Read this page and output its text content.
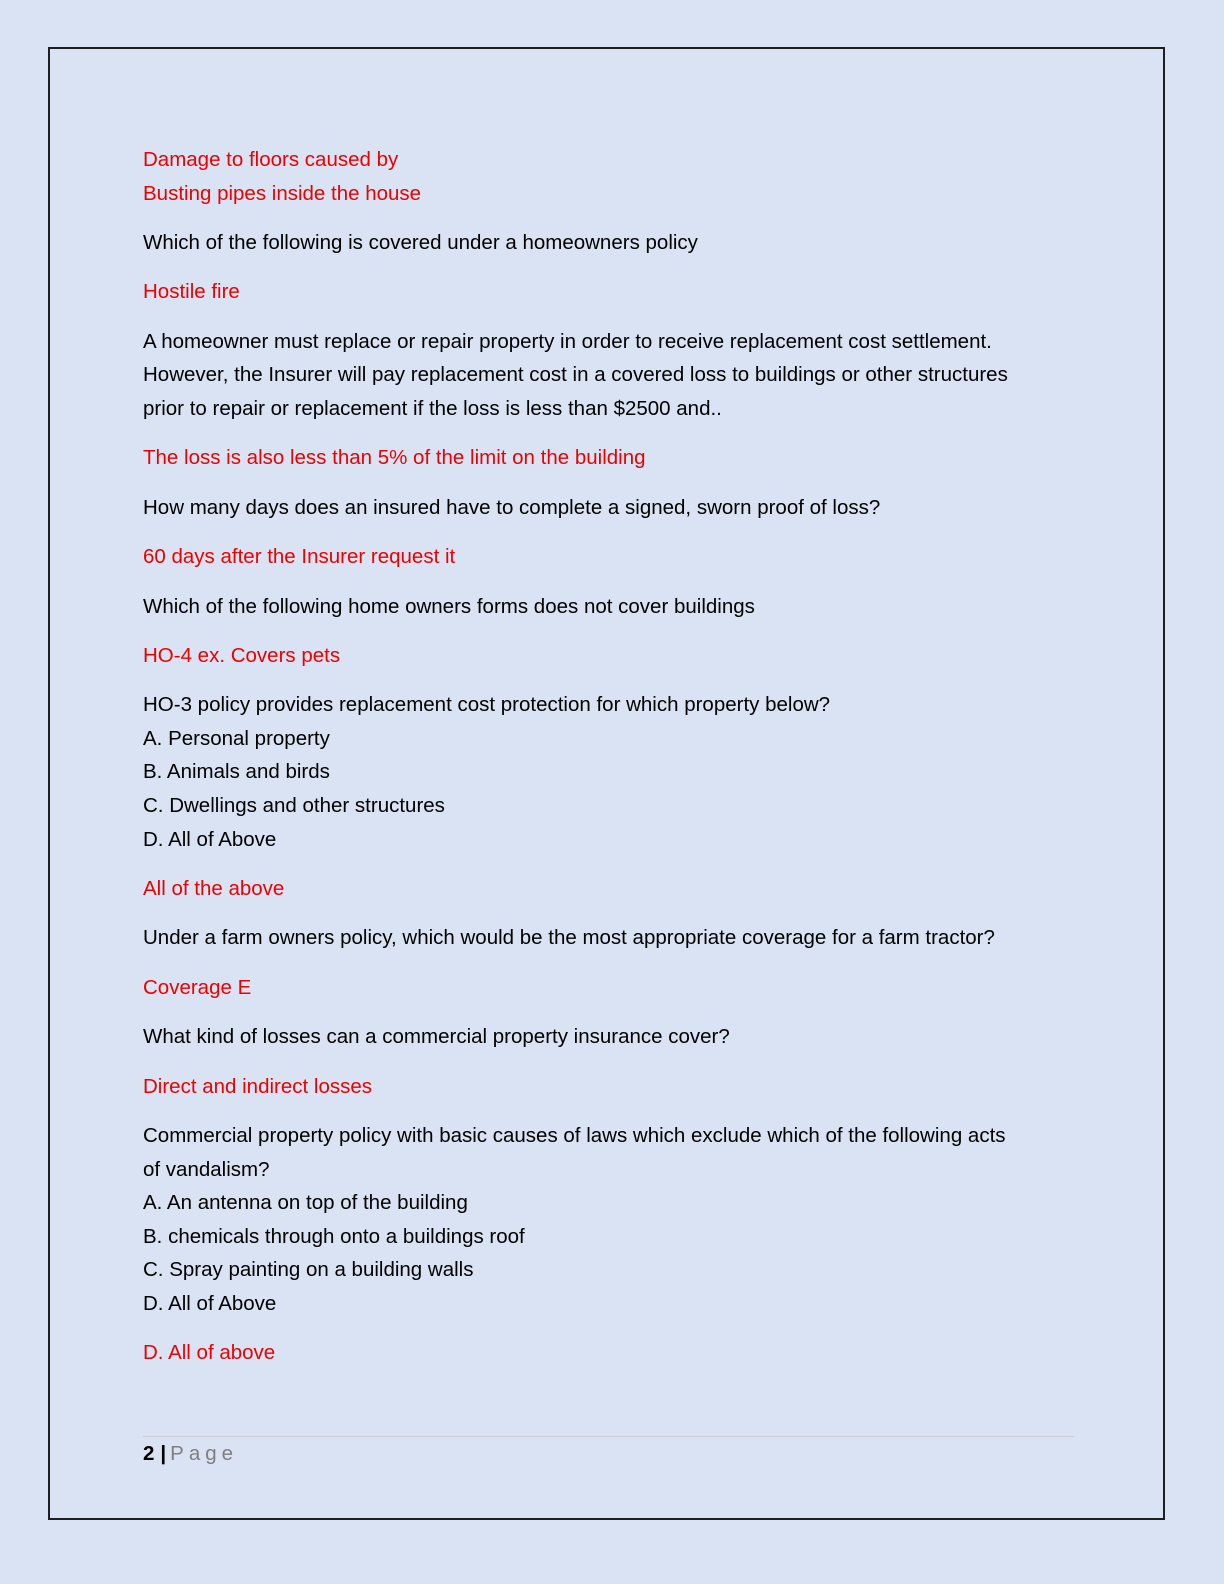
Damage to floors caused by
Busting pipes inside the house

Which of the following is covered under a homeowners policy

Hostile fire

A homeowner must replace or repair property in order to receive replacement cost settlement.
However, the Insurer will pay replacement cost in a covered loss to buildings or other structures
prior to repair or replacement if the loss is less than $2500 and..

The loss is also less than 5% of the limit on the building

How many days does an insured have to complete a signed, sworn proof of loss?

60 days after the Insurer request it

Which of the following home owners forms does not cover buildings

HO-4 ex. Covers pets

HO-3 policy provides replacement cost protection for which property below?
A. Personal property
B. Animals and birds
C. Dwellings and other structures
D. All of Above

All of the above

Under a farm owners policy, which would be the most appropriate coverage for a farm tractor?

Coverage E

What kind of losses can a commercial property insurance cover?

Direct and indirect losses

Commercial property policy with basic causes of laws which exclude which of the following acts
of vandalism?
A. An antenna on top of the building
B. chemicals through onto a buildings roof
C. Spray painting on a building walls
D. All of Above

D. All of above

2 | Page
